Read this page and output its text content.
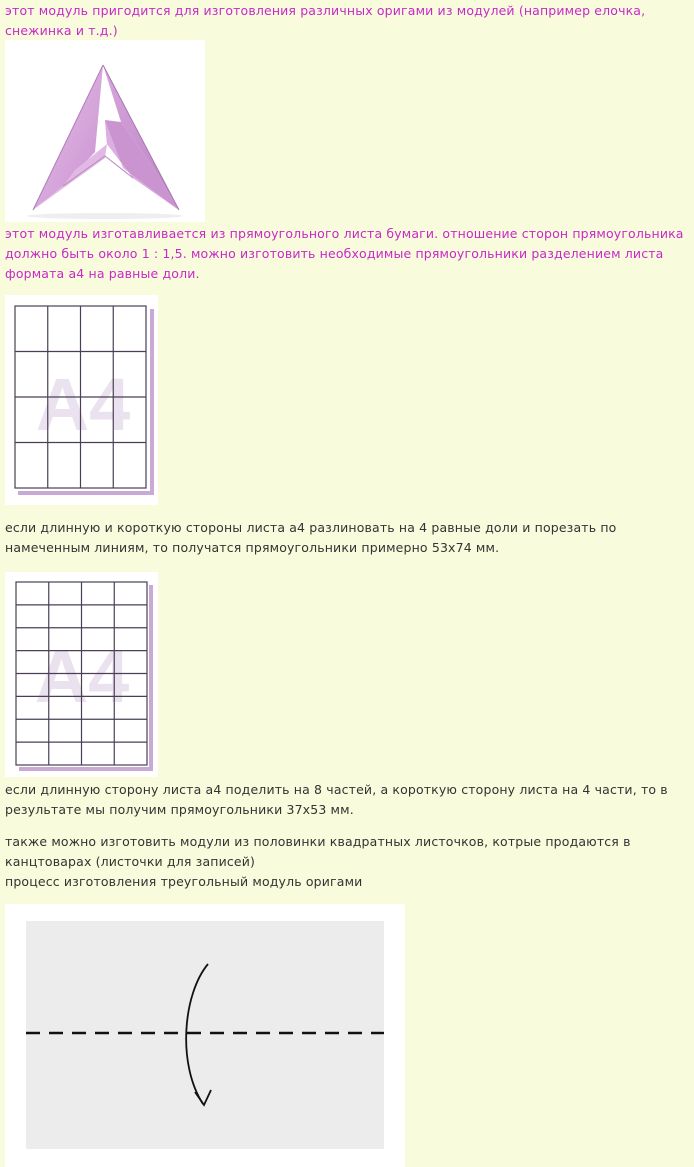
этот модуль пригодится для изготовления различных оригами из модулей (например елочка, снежинка и т.д.)

этот модуль изготавливается из прямоугольного листа бумаги. отношение сторон прямоугольника должно быть около 1 : 1,5. можно изготовить необходимые прямоугольники разделением листа формата а4 на равные доли.

A4

если длинную и короткую стороны листа а4 разлиновать на 4 равные доли и порезать по намеченным линиям, то получатся прямоугольники примерно 53х74 мм.

A4

если длинную сторону листа а4 поделить на 8 частей, а короткую сторону листа на 4 части, то в результате мы получим прямоугольники 37х53 мм.

также можно изготовить модули из половинки квадратных листочков, котрые продаются в канцтоварах (листочки для записей)

процесс изготовления треугольный модуль оригами
